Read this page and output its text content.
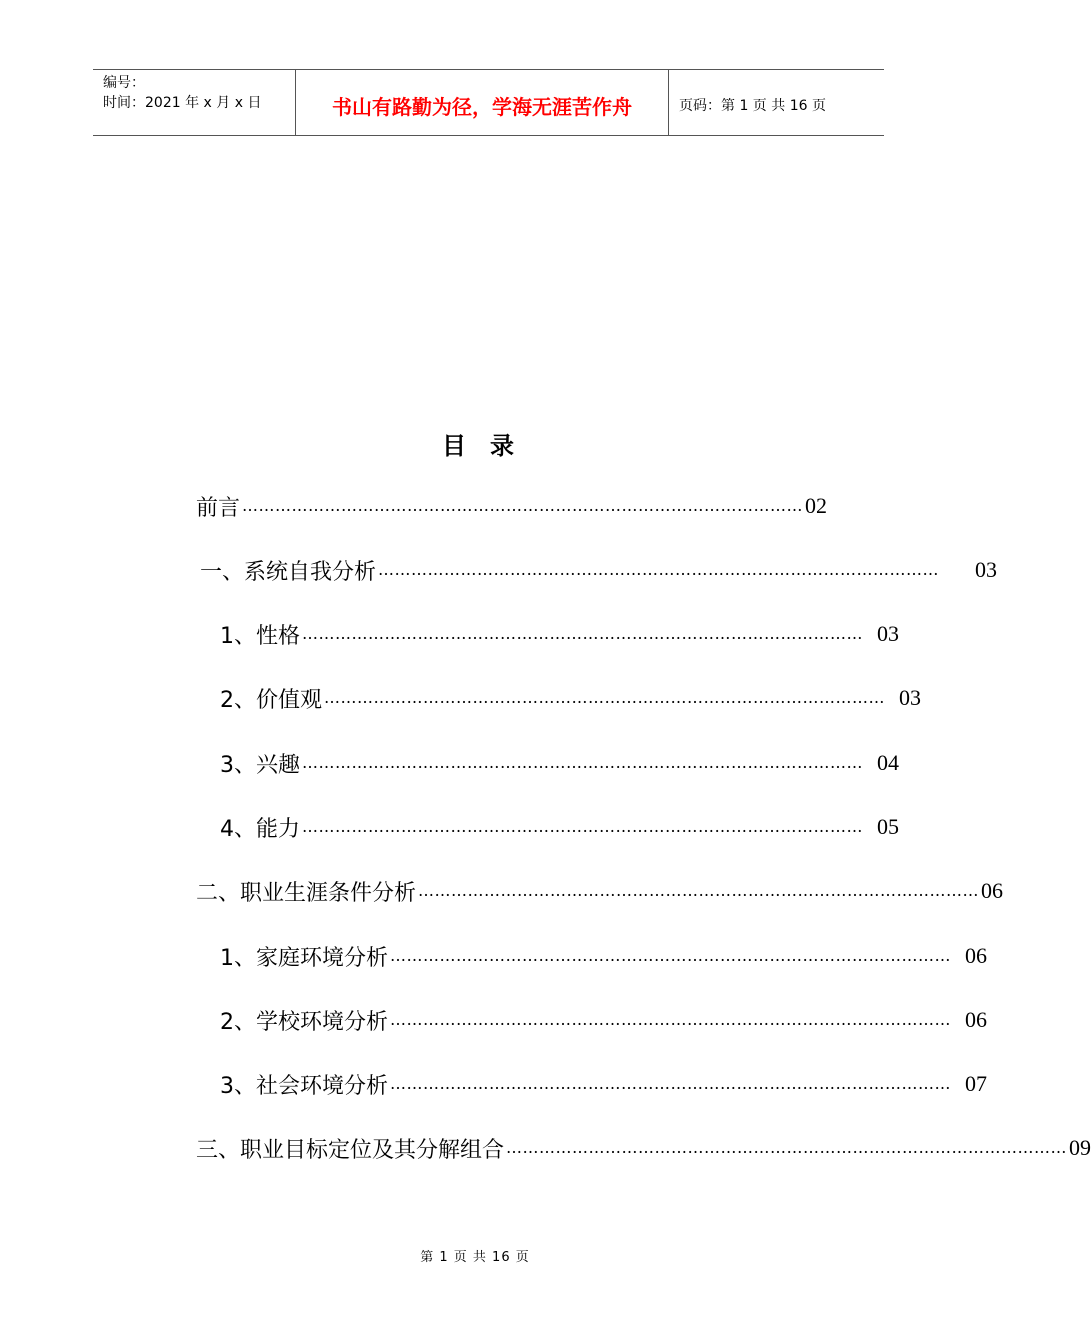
编号：
时间：2021 年 x 月 x 日	书山有路勤为径，学海无涯苦作舟	页码：第 1 页 共 16 页
目录
前言 ………………………………………………………………………………………… 02
一、系统自我分析 ………………………………………………………………………………………… 03
1、性格 ………………………………………………………………………………………… 03
2、价值观 ………………………………………………………………………………………… 03
3、兴趣 ………………………………………………………………………………………… 04
4、能力 ………………………………………………………………………………………… 05
二、职业生涯条件分析 ………………………………………………………………………………………… 06
1、家庭环境分析 ………………………………………………………………………………………… 06
2、学校环境分析 ………………………………………………………………………………………… 06
3、社会环境分析 ………………………………………………………………………………………… 07
三、职业目标定位及其分解组合 ………………………………………………………………………………………… 09
第 1 页 共 16 页
